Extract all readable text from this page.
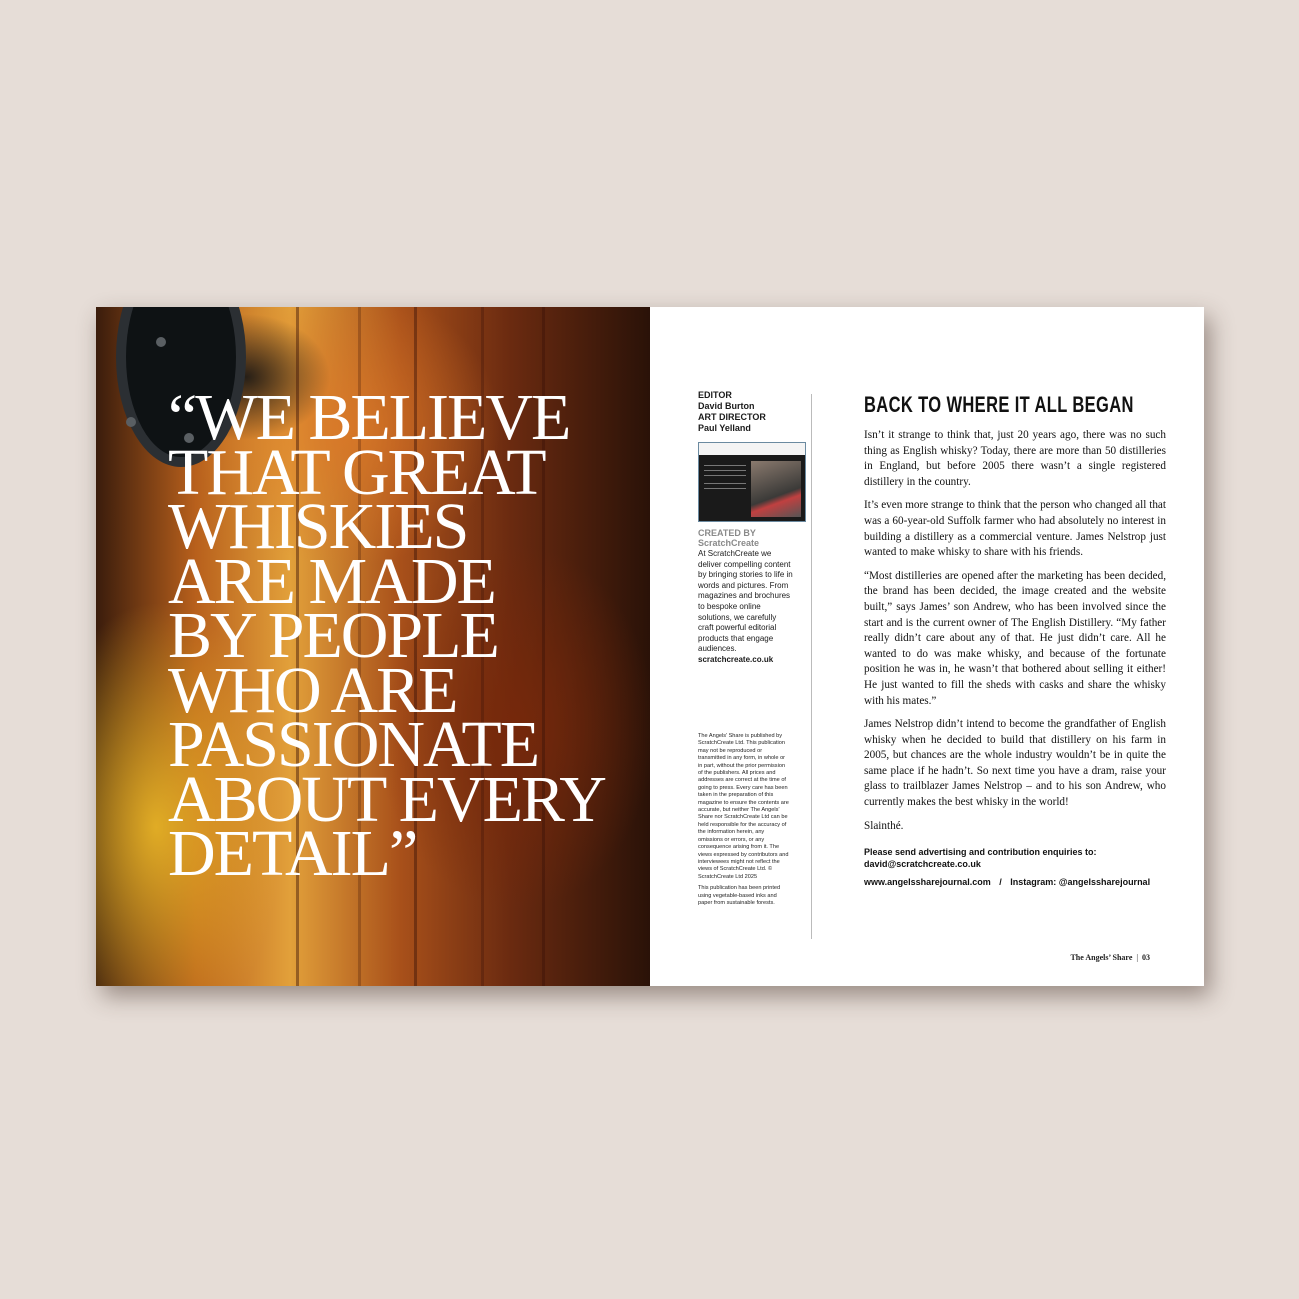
“WE BELIEVE
THAT GREAT
WHISKIES
ARE MADE
BY PEOPLE
WHO ARE
PASSIONATE
ABOUT EVERY
DETAIL”
EDITOR
David Burton
ART DIRECTOR
Paul Yelland
CREATED BY
ScratchCreate
At ScratchCreate we deliver compelling content by bringing stories to life in words and pictures. From magazines and brochures to bespoke online solutions, we carefully craft powerful editorial products that engage audiences.
scratchcreate.co.uk

The Angels’ Share is published by ScratchCreate Ltd. This publication may not be reproduced or transmitted in any form, in whole or in part, without the prior permission of the publishers. All prices and addresses are correct at the time of going to press. Every care has been taken in the preparation of this magazine to ensure the contents are accurate, but neither The Angels’ Share nor ScratchCreate Ltd can be held responsible for the accuracy of the information herein, any omissions or errors, or any consequence arising from it. The views expressed by contributors and interviewees might not reflect the views of ScratchCreate Ltd. © ScratchCreate Ltd 2025

This publication has been printed using vegetable-based inks and paper from sustainable forests.

BACK TO WHERE IT ALL BEGAN

Isn’t it strange to think that, just 20 years ago, there was no such thing as English whisky? Today, there are more than 50 distilleries in England, but before 2005 there wasn’t a single registered distillery in the country.

It’s even more strange to think that the person who changed all that was a 60-year-old Suffolk farmer who had absolutely no interest in building a distillery as a commercial venture. James Nelstrop just wanted to make whisky to share with his friends.

“Most distilleries are opened after the marketing has been decided, the brand has been decided, the image created and the website built,” says James’ son Andrew, who has been involved since the start and is the current owner of The English Distillery. “My father really didn’t care about any of that. He just didn’t care. All he wanted to do was make whisky, and because of the fortunate position he was in, he wasn’t that bothered about selling it either! He just wanted to fill the sheds with casks and share the whisky with his mates.”

James Nelstrop didn’t intend to become the grandfather of English whisky when he decided to build that distillery on his farm in 2005, but chances are the whole industry wouldn’t be in quite the same place if he hadn’t. So next time you have a dram, raise your glass to trailblazer James Nelstrop – and to his son Andrew, who currently makes the best whisky in the world!

Slainthé.

Please send advertising and contribution enquiries to:
david@scratchcreate.co.uk
www.angelssharejournal.com / Instagram: @angelssharejournal
The Angels’ Share | 03
